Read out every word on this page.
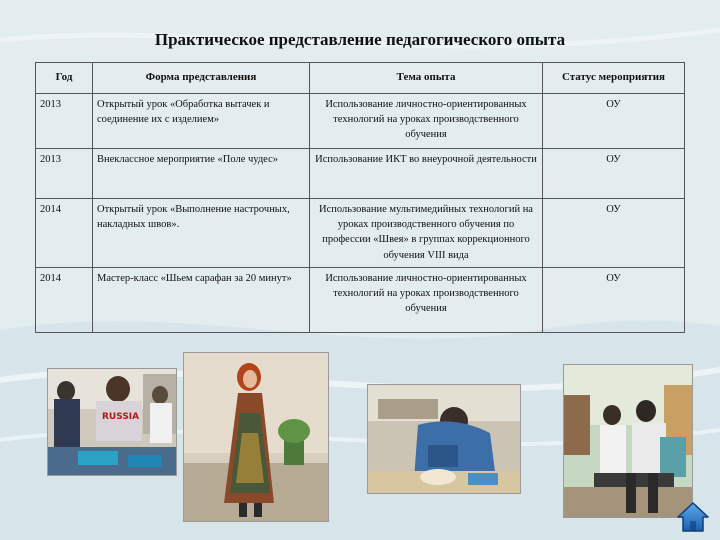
Практическое представление педагогического опыта
Год	Форма представления	Тема опыта	Статус мероприятия
2013	Открытый урок «Обработка вытачек и соединение их с изделием»	Использование личностно-ориентированных технологий на уроках производственного обучения	ОУ
2013	Внеклассное мероприятие «Поле чудес»	Использование ИКТ во внеурочной деятельности	ОУ
2014	Открытый урок «Выполнение настрочных, накладных швов».	Использование мультимедийных технологий на уроках производственного обучения по профессии «Швея» в группах коррекционного обучения VIII вида	ОУ
2014	Мастер-класс «Шьем сарафан за 20 минут»	Использование личностно-ориентированных технологий на уроках производственного обучения	ОУ
RUSSIA
